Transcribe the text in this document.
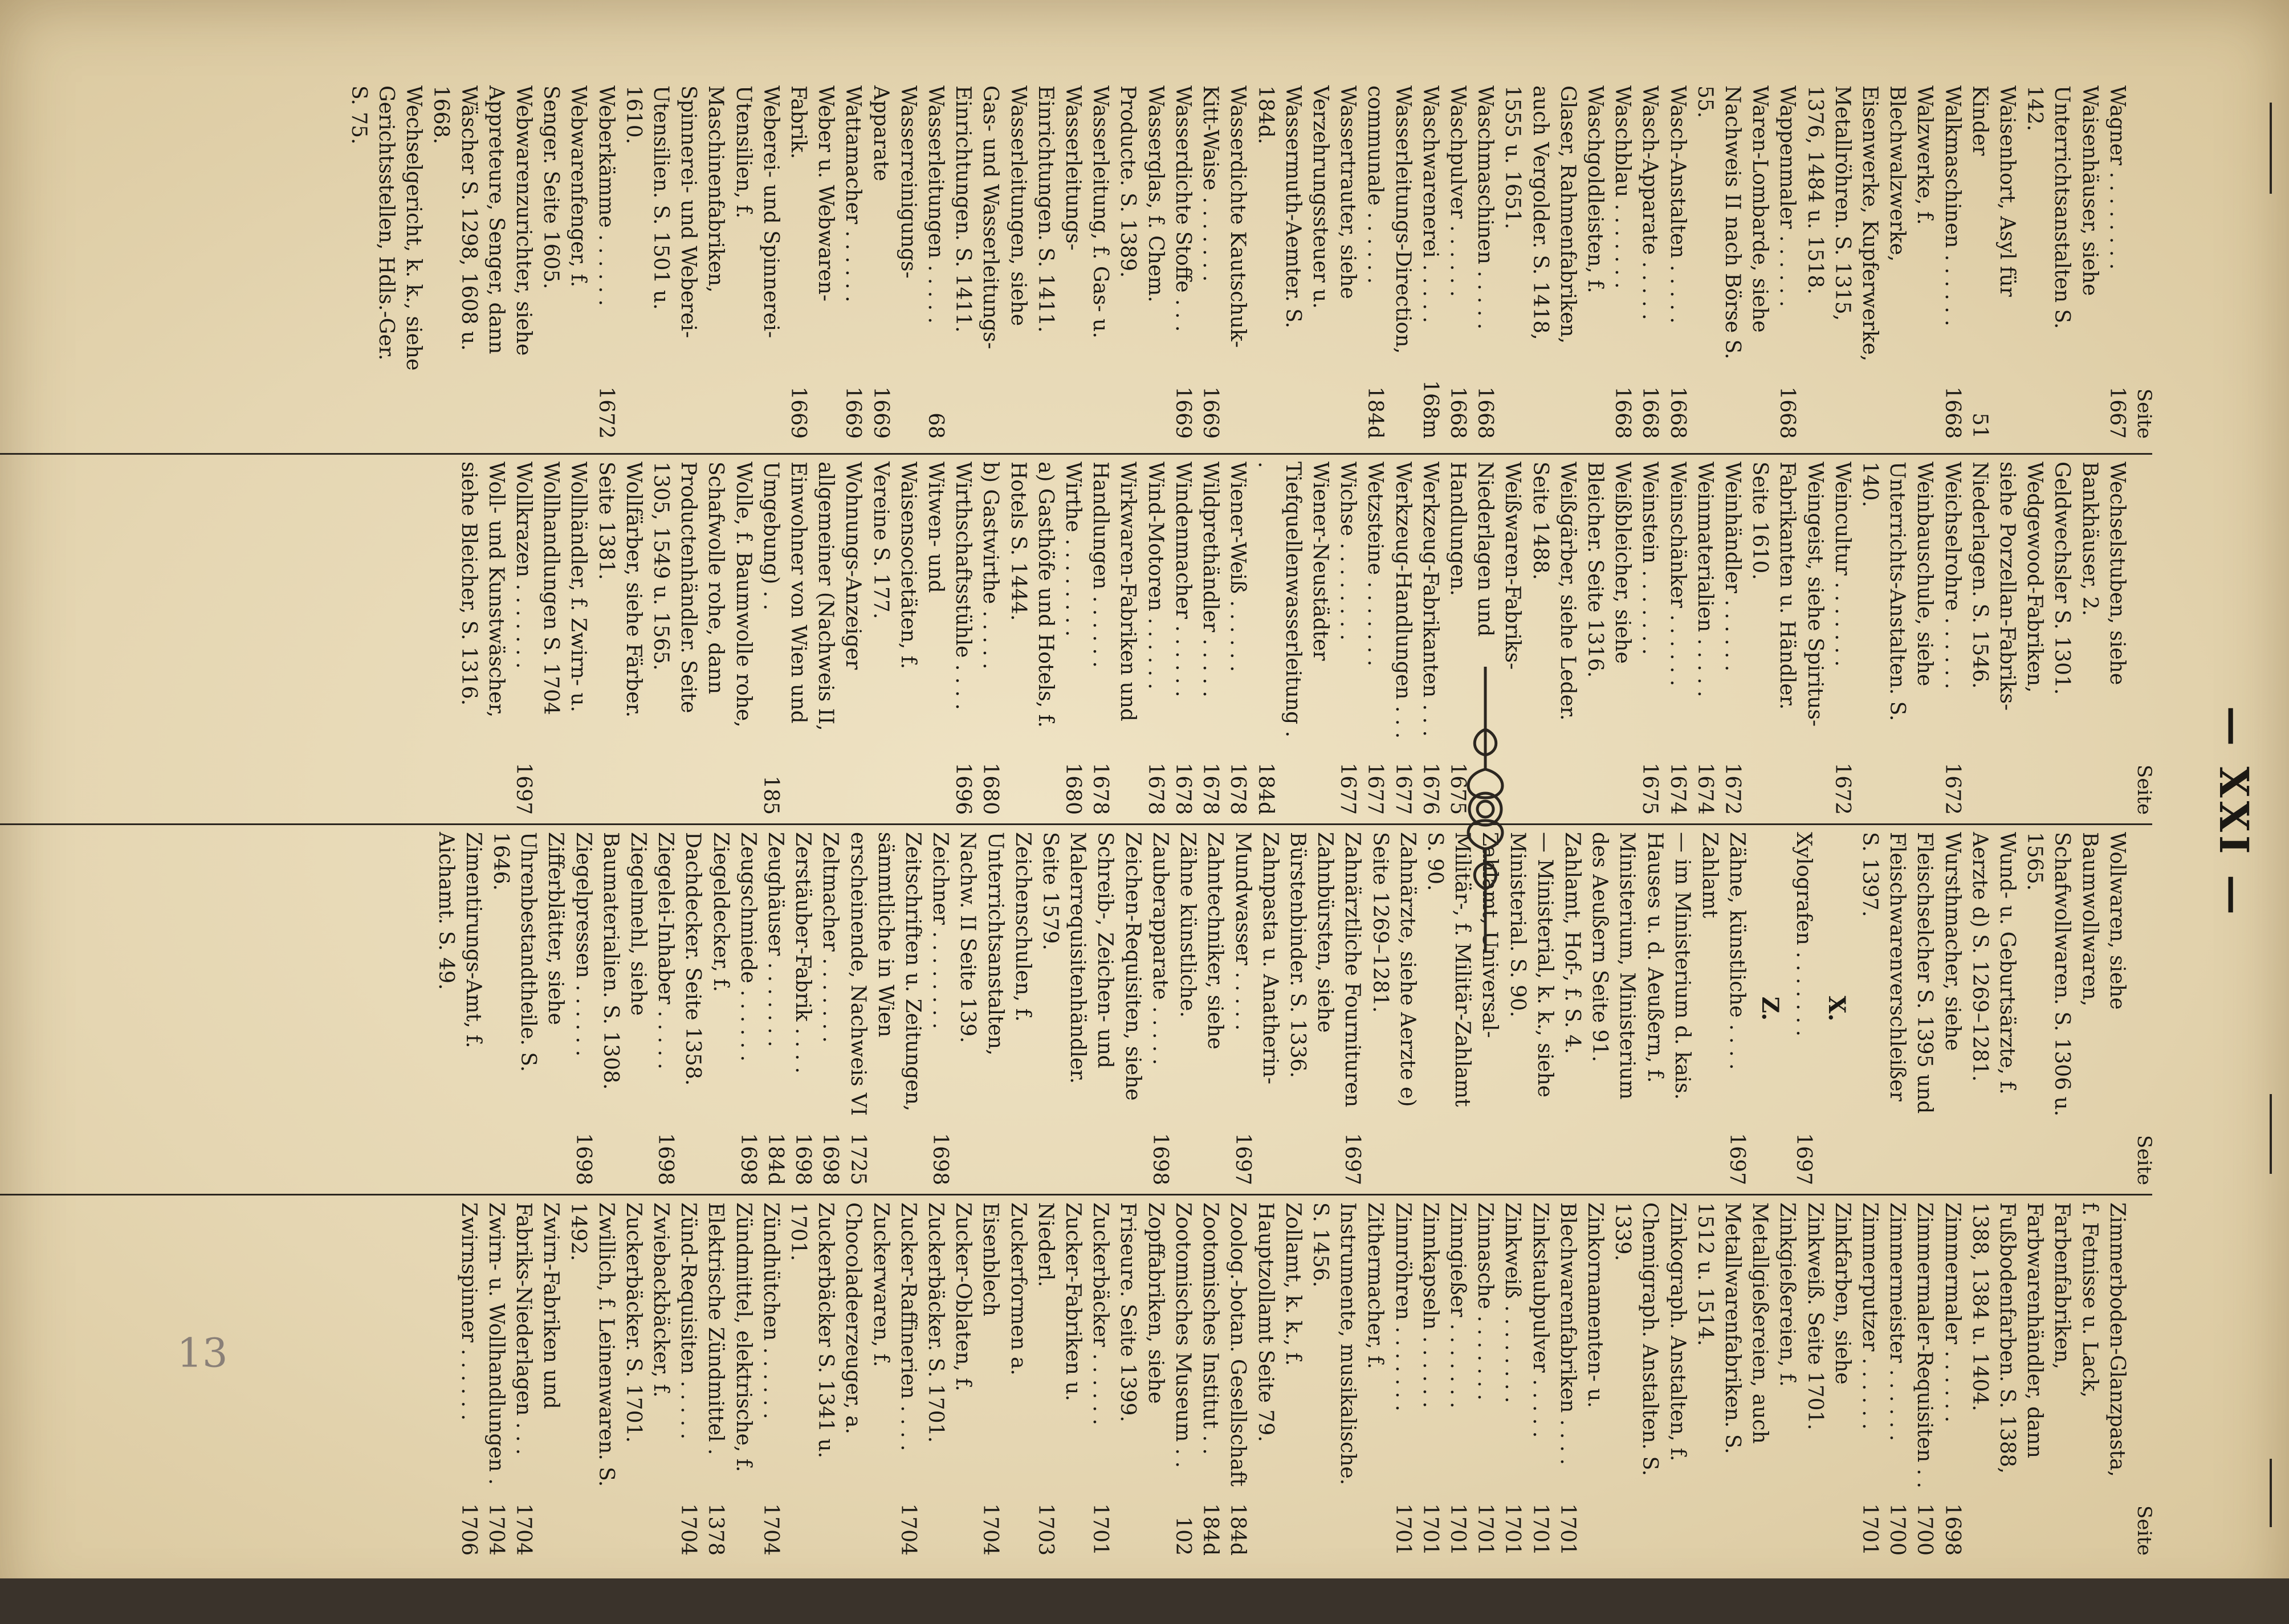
— XXI —
13
Seite
Wagner . . . . . . . .
1667
Waisenhäuser, siehe Unterrichtsanstalten S. 142.
Waisenhort, Asyl für Kinder
51
Walkmaschinen . . . . . .
1668
Walzwerke, f. Blechwalzwerke, Eisenwerke, Kupferwerke, Metallröhren. S. 1315, 1376, 1484 u. 1518.
Wappenmaler . . . . . .
1668
Waren-Lombarde, siehe Nachweis II nach Börse S. 55.
Wasch-Anstalten . . . . .
1668
Wasch-Apparate . . . . .
1668
Waschblau . . . . . . .
1668
Waschgoldleisten, f. Glaser, Rahmenfabriken, auch Vergolder. S. 1418, 1555 u. 1651.
Waschmaschinen . . . . .
1668
Waschpulver . . . . . .
1668
Waschwarenerei . . . . .
168m
Wasserleitungs-Direction, communale . . . . . .
184d
Wassertrauter, siehe Verzehrungssteuer u. Wassermuth-Aemter. S. 184d.
Wasserdichte Kautschuk-Kitt-Waise . . . . . . .
1669
Wasserdichte Stoffe . . .
1669
Wasserglas, f. Chem. Producte. S. 1389.
Wasserleitung, f. Gas- u. Wasserleitungs-Einrichtungen. S. 1411.
Wasserleitungen, siehe Gas- und Wasserleitungs-Einrichtungen. S. 1411.
Wasserleitungen . . . . .
68
Wasserreinigungs-Apparate
1669
Wattamacher . . . . . .
1669
Weber u. Webwaren-Fabrik.
1669
Weberei- und Spinnerei-Utensilien, f. Maschinenfabriken, Spinnerei- und Weberei-Utensilien. S. 1501 u. 1610.
Weberkämme . . . . . .
1672
Webwarenfenger, f. Senger. Seite 1605.
Webwarenzurichter, siehe Appreteure, Senger, dann Wäscher S. 1298, 1608 u. 1668.
Wechselgericht, k. k., siehe Gerichtsstellen, Hdls.-Ger. S. 75.
Seite
Wechselstuben, siehe Bankhäuser, 2. Geldwechsler S. 1301.
Wedgewood-Fabriken, siehe Porzellan-Fabriks-Niederlagen. S. 1546.
Weichselrohre . . . . . .
1672
Weinbauschule, siehe Unterrichts-Anstalten. S. 140.
Weincultur . . . . . . .
1672
Weingeist, siehe Spiritus-Fabrikanten u. Händler. Seite 1610.
Weinhändler . . . . . .
1672
Weinmaterialien . . . . .
1674
Weinschänker . . . . . .
1674
Weinstein . . . . . . .
1675
Weißbleicher, siehe Bleicher. Seite 1316.
Weißgärber, siehe Leder. Seite 1488.
Weißwaren-Fabriks-Niederlagen und Handlungen.
1675
Werkzeug-Fabrikanten . . .
1676
Werkzeug-Handlungen . . .
1677
Wetzsteine . . . . . . .
1677
Wichse . . . . . . . .
1677
Wiener-Neustädter Tiefquellenwasserleitung . .
184d
Wiener-Weiß . . . . . .
1678
Wildprethändler . . . . .
1678
Windenmacher . . . . . .
1678
Wind-Motoren . . . . . .
1678
Wirkwaren-Fabriken und Handlungen . . . . . .
1678
Wirthe . . . . . . . .
1680
a) Gasthöfe und Hotels, f. Hotels S. 1444.
b) Gastwirthe . . . . .
1680
Wirthschaftsstühle . . . .
1696
Witwen- und Waisensocietäten, f. Vereine S. 177.
Wohnungs-Anzeiger allgemeiner (Nachweis II, Einwohner von Wien und Umgebung) . .
185
Wolle, f. Baumwolle rohe, Schafwolle rohe, dann Productenhändler. Seite 1305, 1549 u. 1565.
Wollfärber, siehe Färber. Seite 1381.
Wollhändler, f. Zwirn- u. Wollhandlungen S. 1704
Wollkrazen . . . . . . .
1697
Woll- und Kunstwäscher, siehe Bleicher, S. 1316.
Seite
Wollwaren, siehe Baumwollwaren, Schafwollwaren. S. 1306 u. 1565.
Wund- u. Geburtsärzte, f. Aerzte d) S. 1269–1281.
Wursthmacher, siehe Fleischselcher S. 1395 und Fleischwarenverschleißer S. 1397.
X.
Xylografen . . . . . . .
1697
Z.
Zähne, künstliche . . . .
1697
Zahlamt
— im Ministerium d. kais. Hauses u. d. Aeußern, f. Ministerium, Ministerium des Aeußern Seite 91.
Zahlamt, Hof-, f. S. 4.
— Ministerial, k. k., siehe Ministerial. S. 90.
Zahlamt, Universal-Militär-, f. Militär-Zahlamt S. 90.
Zahnärzte, siehe Aerzte e) Seite 1269–1281.
Zahnärztliche Fournituren
1697
Zahnbürsten, siehe Bürstenbinder. S. 1336.
Zahnpasta u. Anatherin-Mundwasser . . . . .
1697
Zahntechniker, siehe Zähne künstliche.
Zauberapparate . . . . .
1698
Zeichen-Requisiten, siehe Schreib-, Zeichen- und Malerrequisitenhändler. Seite 1579.
Zeichenschulen, f. Unterrichtsanstalten, Nachw. II Seite 139.
Zeichner . . . . . . . .
1698
Zeitschriften u. Zeitungen, sämmtliche in Wien erscheinende, Nachweis VI
1725
Zeltmacher . . . . . . .
1698
Zerstäuber-Fabrik . . . .
1698
Zeughäuser . . . . . . .
184d
Zeugschmiede . . . . . .
1698
Ziegeldecker, f. Dachdecker. Seite 1358.
Ziegelei-Inhaber . . . . .
1698
Ziegelmehl, siehe Baumaterialien. S. 1308.
Ziegelpressen . . . . . .
1698
Zifferblätter, siehe Uhrenbestandtheile. S. 1646.
Zimentirungs-Amt, f. Aichamt. S. 49.
Seite
Zimmerboden-Glanzpasta, f. Fetnisse u. Lack, Farbenfabriken, Farbwarenhändler, dann Fußbodenfarben. S. 1388, 1388, 1384 u. 1404.
Zimmermaler . . . . . .
1698
Zimmermaler-Requisiten . .
1700
Zimmermeister . . . . . .
1700
Zimmerputzer . . . . . .
1701
Zinkfarben, siehe Zinkweiß. Seite 1701.
Zinkgießereien, f. Metallgießereien, auch Metallwarenfabriken. S. 1512 u. 1514.
Zinkograph. Anstalten, f. Chemigraph. Anstalten. S. 1339.
Zinkornamenten- u. Blechwarenfabriken . . . .
1701
Zinkstaubpulver . . . . .
1701
Zinkweiß . . . . . . . .
1701
Zinnasche . . . . . . .
1701
Zinngießer . . . . . . .
1701
Zinnkapseln . . . . . .
1701
Zinnröhren . . . . . . .
1701
Zithermacher, f. Instrumente, musikalische. S. 1456.
Zollamt, k. k., f. Hauptzollamt Seite 79.
Zoolog.-botan. Gesellschaft
184d
Zootomisches Institut . .
184d
Zootomisches Museum . .
102
Zopffabriken, siehe Friseure. Seite 1399.
Zuckerbäcker . . . . . .
1701
Zucker-Fabriken u. Niederl.
1703
Zuckerformen a. Eisenblech
1704
Zucker-Oblaten, f. Zuckerbäcker. S. 1701.
Zucker-Raffinerien . . . .
1704
Zuckerwaren, f. Chocoladeerzeuger, a. Zuckerbäcker S. 1341 u. 1701.
Zündhütchen . . . . . .
1704
Zündmittel, elektrische, f. Elektrische Zündmittel .
1378
Zünd-Requisiten . . . . .
1704
Zwiebackbäcker, f. Zuckerbäcker. S. 1701.
Zwillich, f. Leinenwaren. S. 1492.
Zwirn-Fabriken und Fabriks-Niederlagen . . .
1704
Zwirn- u. Wollhandlungen .
1704
Zwirnspinner . . . . . .
1706
